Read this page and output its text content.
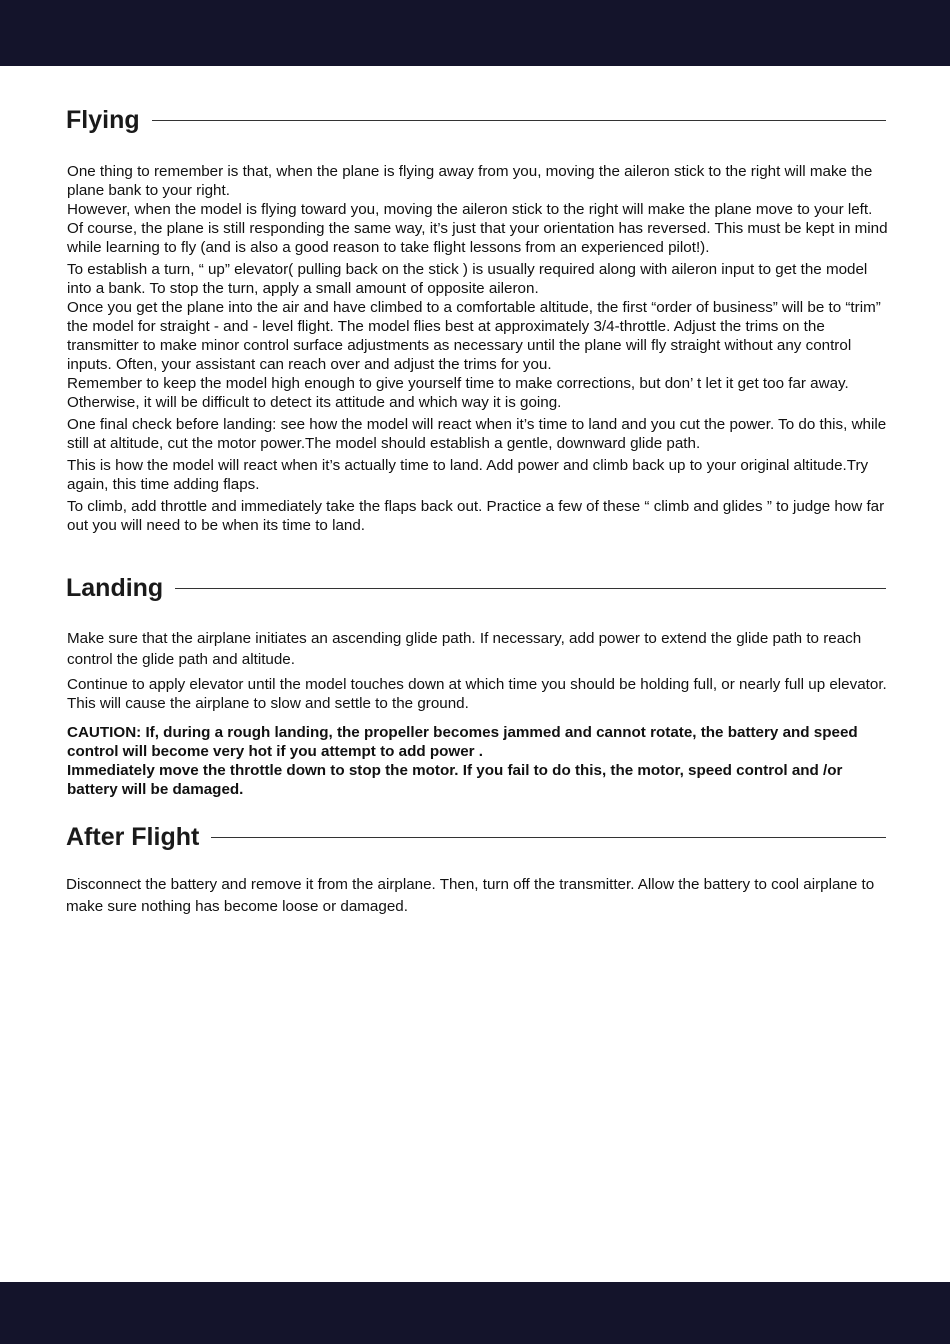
Flying

One thing to remember is that, when the plane is flying away from you, moving the aileron stick to the right will make the plane bank to your right.

However, when the model is flying toward you, moving the aileron stick to the right will make the plane move to your left. Of course, the plane is still responding the same way, it’s just that your orientation has reversed. This must be kept in mind while learning to fly (and is also a good reason to take flight lessons from an experienced pilot!).

To establish a turn, “ up” elevator( pulling back on the stick ) is usually required along with aileron input to get the model into a bank. To stop the turn, apply a small amount of opposite aileron.

Once you get the plane into the air and have climbed to a comfortable altitude, the first “order of business” will be to “trim” the model for straight - and - level flight. The model flies best at approximately 3/4-throttle. Adjust the trims on the transmitter to make minor control surface adjustments as necessary until the plane will fly straight without any control inputs. Often, your assistant can reach over and adjust the trims for you.

Remember to keep the model high enough to give yourself time to make corrections, but don’ t let it get too far away. Otherwise, it will be difficult to detect its attitude and which way it is going.

One final check before landing: see how the model will react when it’s time to land and you cut the power. To do this, while still at altitude, cut the motor power.The model should establish a gentle, downward glide path.

This is how the model will react when it’s actually time to land. Add power and climb back up to your original altitude.Try again, this time adding flaps.

To climb, add throttle and immediately take the flaps back out. Practice a few of these “ climb and glides ” to judge how far out you will need to be when its time to land.

Landing

Make sure that the airplane initiates an ascending glide path. If necessary, add power to extend the glide path to reach control the glide path and altitude.

Continue to apply elevator until the model touches down at which time you should be holding full, or nearly full up elevator. This will cause the airplane to slow and settle to the ground.

CAUTION: If, during a rough landing, the propeller becomes jammed and cannot rotate, the battery and speed control will become very hot if you attempt to add power .

Immediately move the throttle down to stop the motor. If you fail to do this, the motor, speed control and /or battery will be damaged.

After Flight

Disconnect the battery and remove it from the airplane. Then, turn off the transmitter. Allow the battery to cool airplane to make sure nothing has become loose or damaged.
